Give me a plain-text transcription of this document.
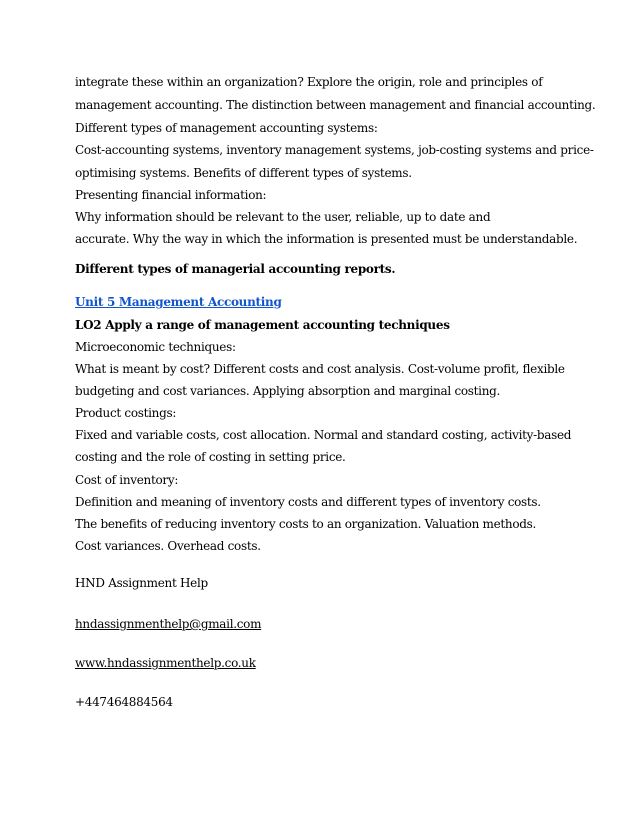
integrate these within an organization? Explore the origin, role and principles of
management accounting. The distinction between management and financial accounting.
Different types of management accounting systems:
Cost-accounting systems, inventory management systems, job-costing systems and price-
optimising systems. Benefits of different types of systems.
Presenting financial information:
Why information should be relevant to the user, reliable, up to date and
accurate. Why the way in which the information is presented must be understandable.
Different types of managerial accounting reports.
Unit 5 Management Accounting
LO2 Apply a range of management accounting techniques
Microeconomic techniques:
What is meant by cost? Different costs and cost analysis. Cost-volume profit, flexible
budgeting and cost variances. Applying absorption and marginal costing.
Product costings:
Fixed and variable costs, cost allocation. Normal and standard costing, activity-based
costing and the role of costing in setting price.
Cost of inventory:
Definition and meaning of inventory costs and different types of inventory costs.
The benefits of reducing inventory costs to an organization. Valuation methods.
Cost variances. Overhead costs.
HND Assignment Help
hndassignmenthelp@gmail.com
www.hndassignmenthelp.co.uk
+447464884564
